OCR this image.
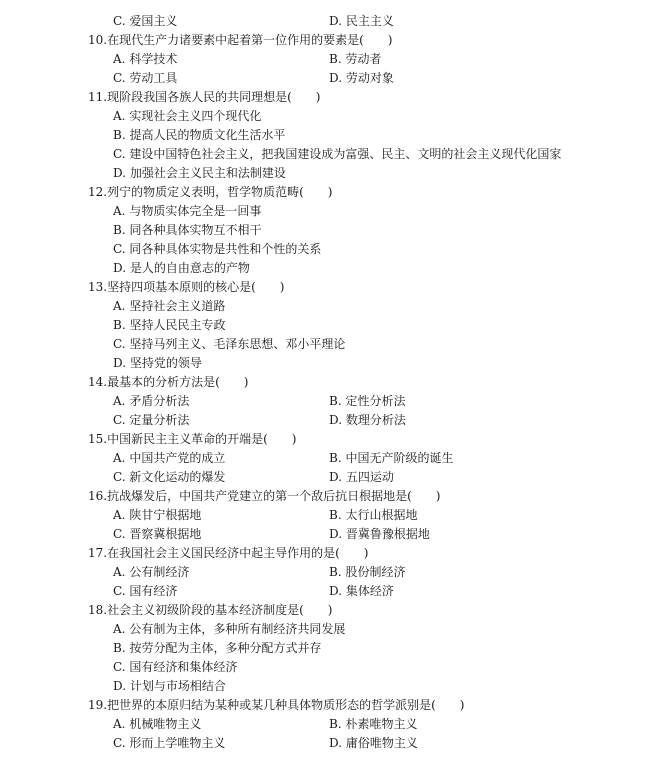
C. 爱国主义	D. 民主主义
10.在现代生产力诸要素中起着第一位作用的要素是(　　)
A. 科学技术	B. 劳动者
C. 劳动工具	D. 劳动对象
11.现阶段我国各族人民的共同理想是(　　)
A. 实现社会主义四个现代化
B. 提高人民的物质文化生活水平
C. 建设中国特色社会主义，把我国建设成为富强、民主、文明的社会主义现代化国家
D. 加强社会主义民主和法制建设
12.列宁的物质定义表明，哲学物质范畴(　　)
A. 与物质实体完全是一回事
B. 同各种具体实物互不相干
C. 同各种具体实物是共性和个性的关系
D. 是人的自由意志的产物
13.坚持四项基本原则的核心是(　　)
A. 坚持社会主义道路
B. 坚持人民民主专政
C. 坚持马列主义、毛泽东思想、邓小平理论
D. 坚持党的领导
14.最基本的分析方法是(　　)
A. 矛盾分析法	B. 定性分析法
C. 定量分析法	D. 数理分析法
15.中国新民主主义革命的开端是(　　)
A. 中国共产党的成立	B. 中国无产阶级的诞生
C. 新文化运动的爆发	D. 五四运动
16.抗战爆发后，中国共产党建立的第一个敌后抗日根据地是(　　)
A. 陕甘宁根据地	B. 太行山根据地
C. 晋察冀根据地	D. 晋冀鲁豫根据地
17.在我国社会主义国民经济中起主导作用的是(　　)
A. 公有制经济	B. 股份制经济
C. 国有经济	D. 集体经济
18.社会主义初级阶段的基本经济制度是(　　)
A. 公有制为主体，多种所有制经济共同发展
B. 按劳分配为主体，多种分配方式并存
C. 国有经济和集体经济
D. 计划与市场相结合
19.把世界的本原归结为某种或某几种具体物质形态的哲学派别是(　　)
A. 机械唯物主义	B. 朴素唯物主义
C. 形而上学唯物主义	D. 庸俗唯物主义
